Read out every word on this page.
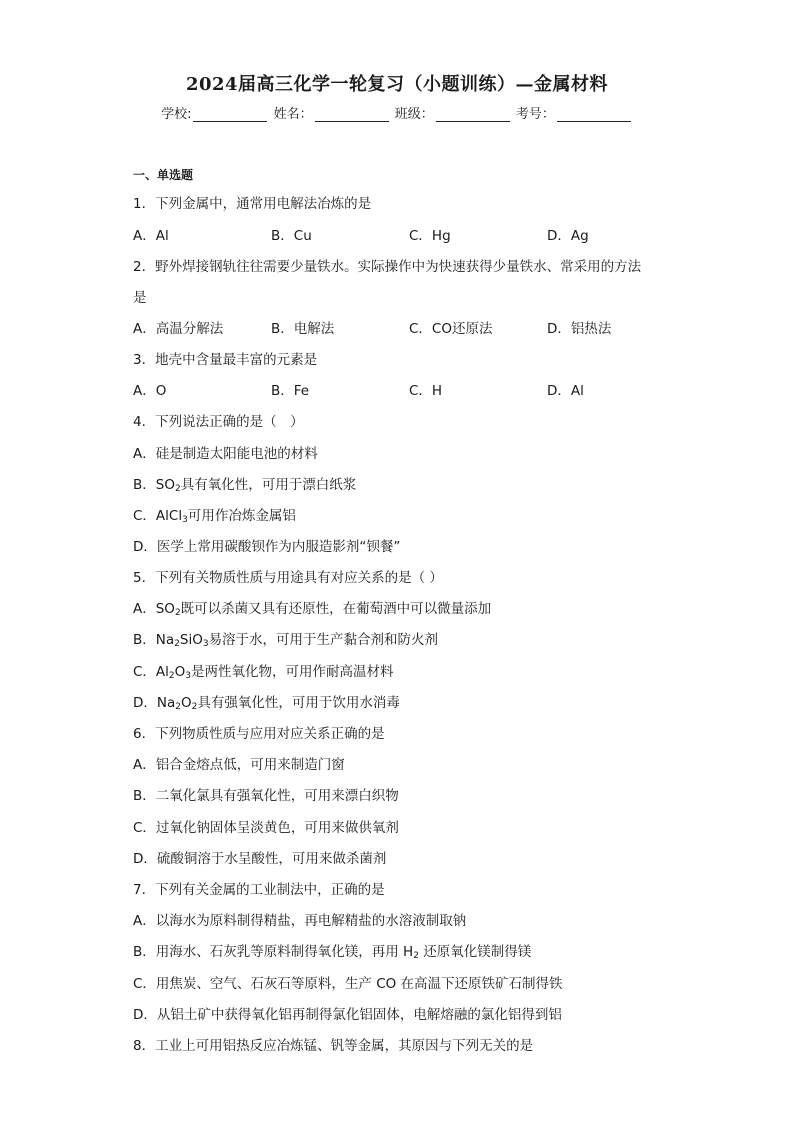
2024届高三化学一轮复习（小题训练）—金属材料
学校:	姓名：	班级：	考号：
一、单选题
1．下列金属中，通常用电解法冶炼的是
A．Al	B．Cu	C．Hg	D．Ag
2．野外焊接钢轨往往需要少量铁水。实际操作中为快速获得少量铁水、常采用的方法
是
A．高温分解法	B．电解法	C．CO还原法	D．铝热法
3．地壳中含量最丰富的元素是
A．O	B．Fe	C．H	D．Al
4．下列说法正确的是（　）
A．硅是制造太阳能电池的材料
B．$SO_2$具有氧化性，可用于漂白纸浆
C．AlCl$_3$可用作冶炼金属铝
D．医学上常用碳酸钡作为内服造影剂“钡餐”
5．下列有关物质性质与用途具有对应关系的是（ ）
A．$SO_2$既可以杀菌又具有还原性，在葡萄酒中可以微量添加
B．$Na_2SiO_3$易溶于水，可用于生产黏合剂和防火剂
C．$Al_2O_3$是两性氧化物，可用作耐高温材料
D．$Na_2O_2$具有强氧化性，可用于饮用水消毒
6．下列物质性质与应用对应关系正确的是
A．铝合金熔点低，可用来制造门窗
B．二氧化氯具有强氧化性，可用来漂白织物
C．过氧化钠固体呈淡黄色，可用来做供氧剂
D．硫酸铜溶于水呈酸性，可用来做杀菌剂
7．下列有关金属的工业制法中，正确的是
A．以海水为原料制得精盐，再电解精盐的水溶液制取钠
B．用海水、石灰乳等原料制得氧化镁，再用 $H_2$ 还原氧化镁制得镁
C．用焦炭、空气、石灰石等原料，生产 CO 在高温下还原铁矿石制得铁
D．从铝土矿中获得氧化铝再制得氯化铝固体，电解熔融的氯化铝得到铝
8．工业上可用铝热反应冶炼锰、钒等金属，其原因与下列无关的是
